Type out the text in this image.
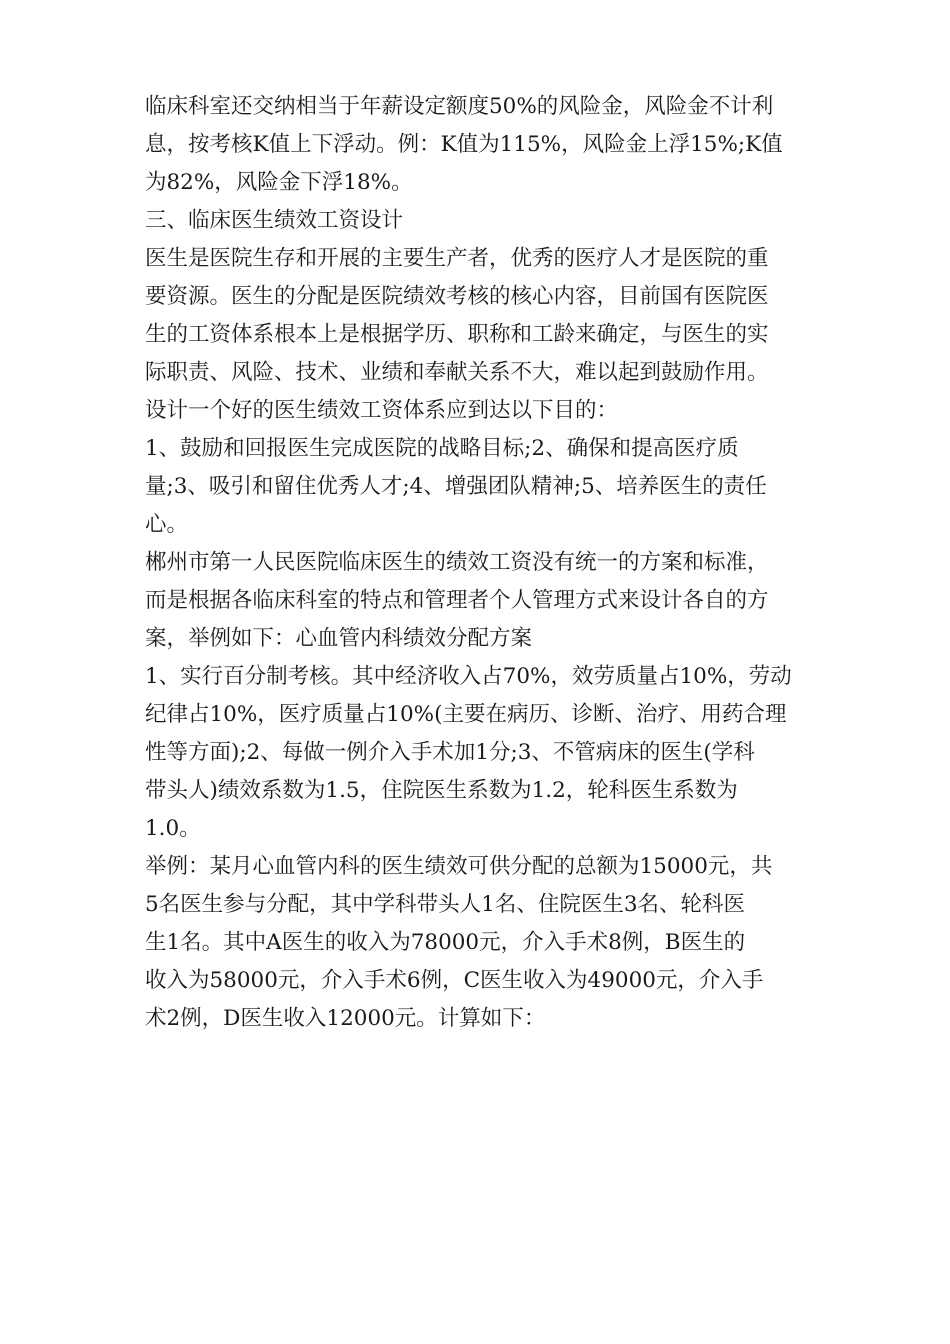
临床科室还交纳相当于年薪设定额度50%的风险金，风险金不计利
息，按考核K值上下浮动。例：K值为115%，风险金上浮15%;K值
为82%，风险金下浮18%。
三、临床医生绩效工资设计
医生是医院生存和开展的主要生产者，优秀的医疗人才是医院的重
要资源。医生的分配是医院绩效考核的核心内容，目前国有医院医
生的工资体系根本上是根据学历、职称和工龄来确定，与医生的实
际职责、风险、技术、业绩和奉献关系不大，难以起到鼓励作用。
设计一个好的医生绩效工资体系应到达以下目的：
1、鼓励和回报医生完成医院的战略目标;2、确保和提高医疗质
量;3、吸引和留住优秀人才;4、增强团队精神;5、培养医生的责任
心。
郴州市第一人民医院临床医生的绩效工资没有统一的方案和标准，
而是根据各临床科室的特点和管理者个人管理方式来设计各自的方
案，举例如下：心血管内科绩效分配方案
1、实行百分制考核。其中经济收入占70%，效劳质量占10%，劳动
纪律占10%，医疗质量占10%(主要在病历、诊断、治疗、用药合理
性等方面);2、每做一例介入手术加1分;3、不管病床的医生(学科
带头人)绩效系数为1.5，住院医生系数为1.2，轮科医生系数为
1.0。
举例：某月心血管内科的医生绩效可供分配的总额为15000元，共
5名医生参与分配，其中学科带头人1名、住院医生3名、轮科医
生1名。其中A医生的收入为78000元，介入手术8例，B医生的
收入为58000元，介入手术6例，C医生收入为49000元，介入手
术2例，D医生收入12000元。计算如下：
